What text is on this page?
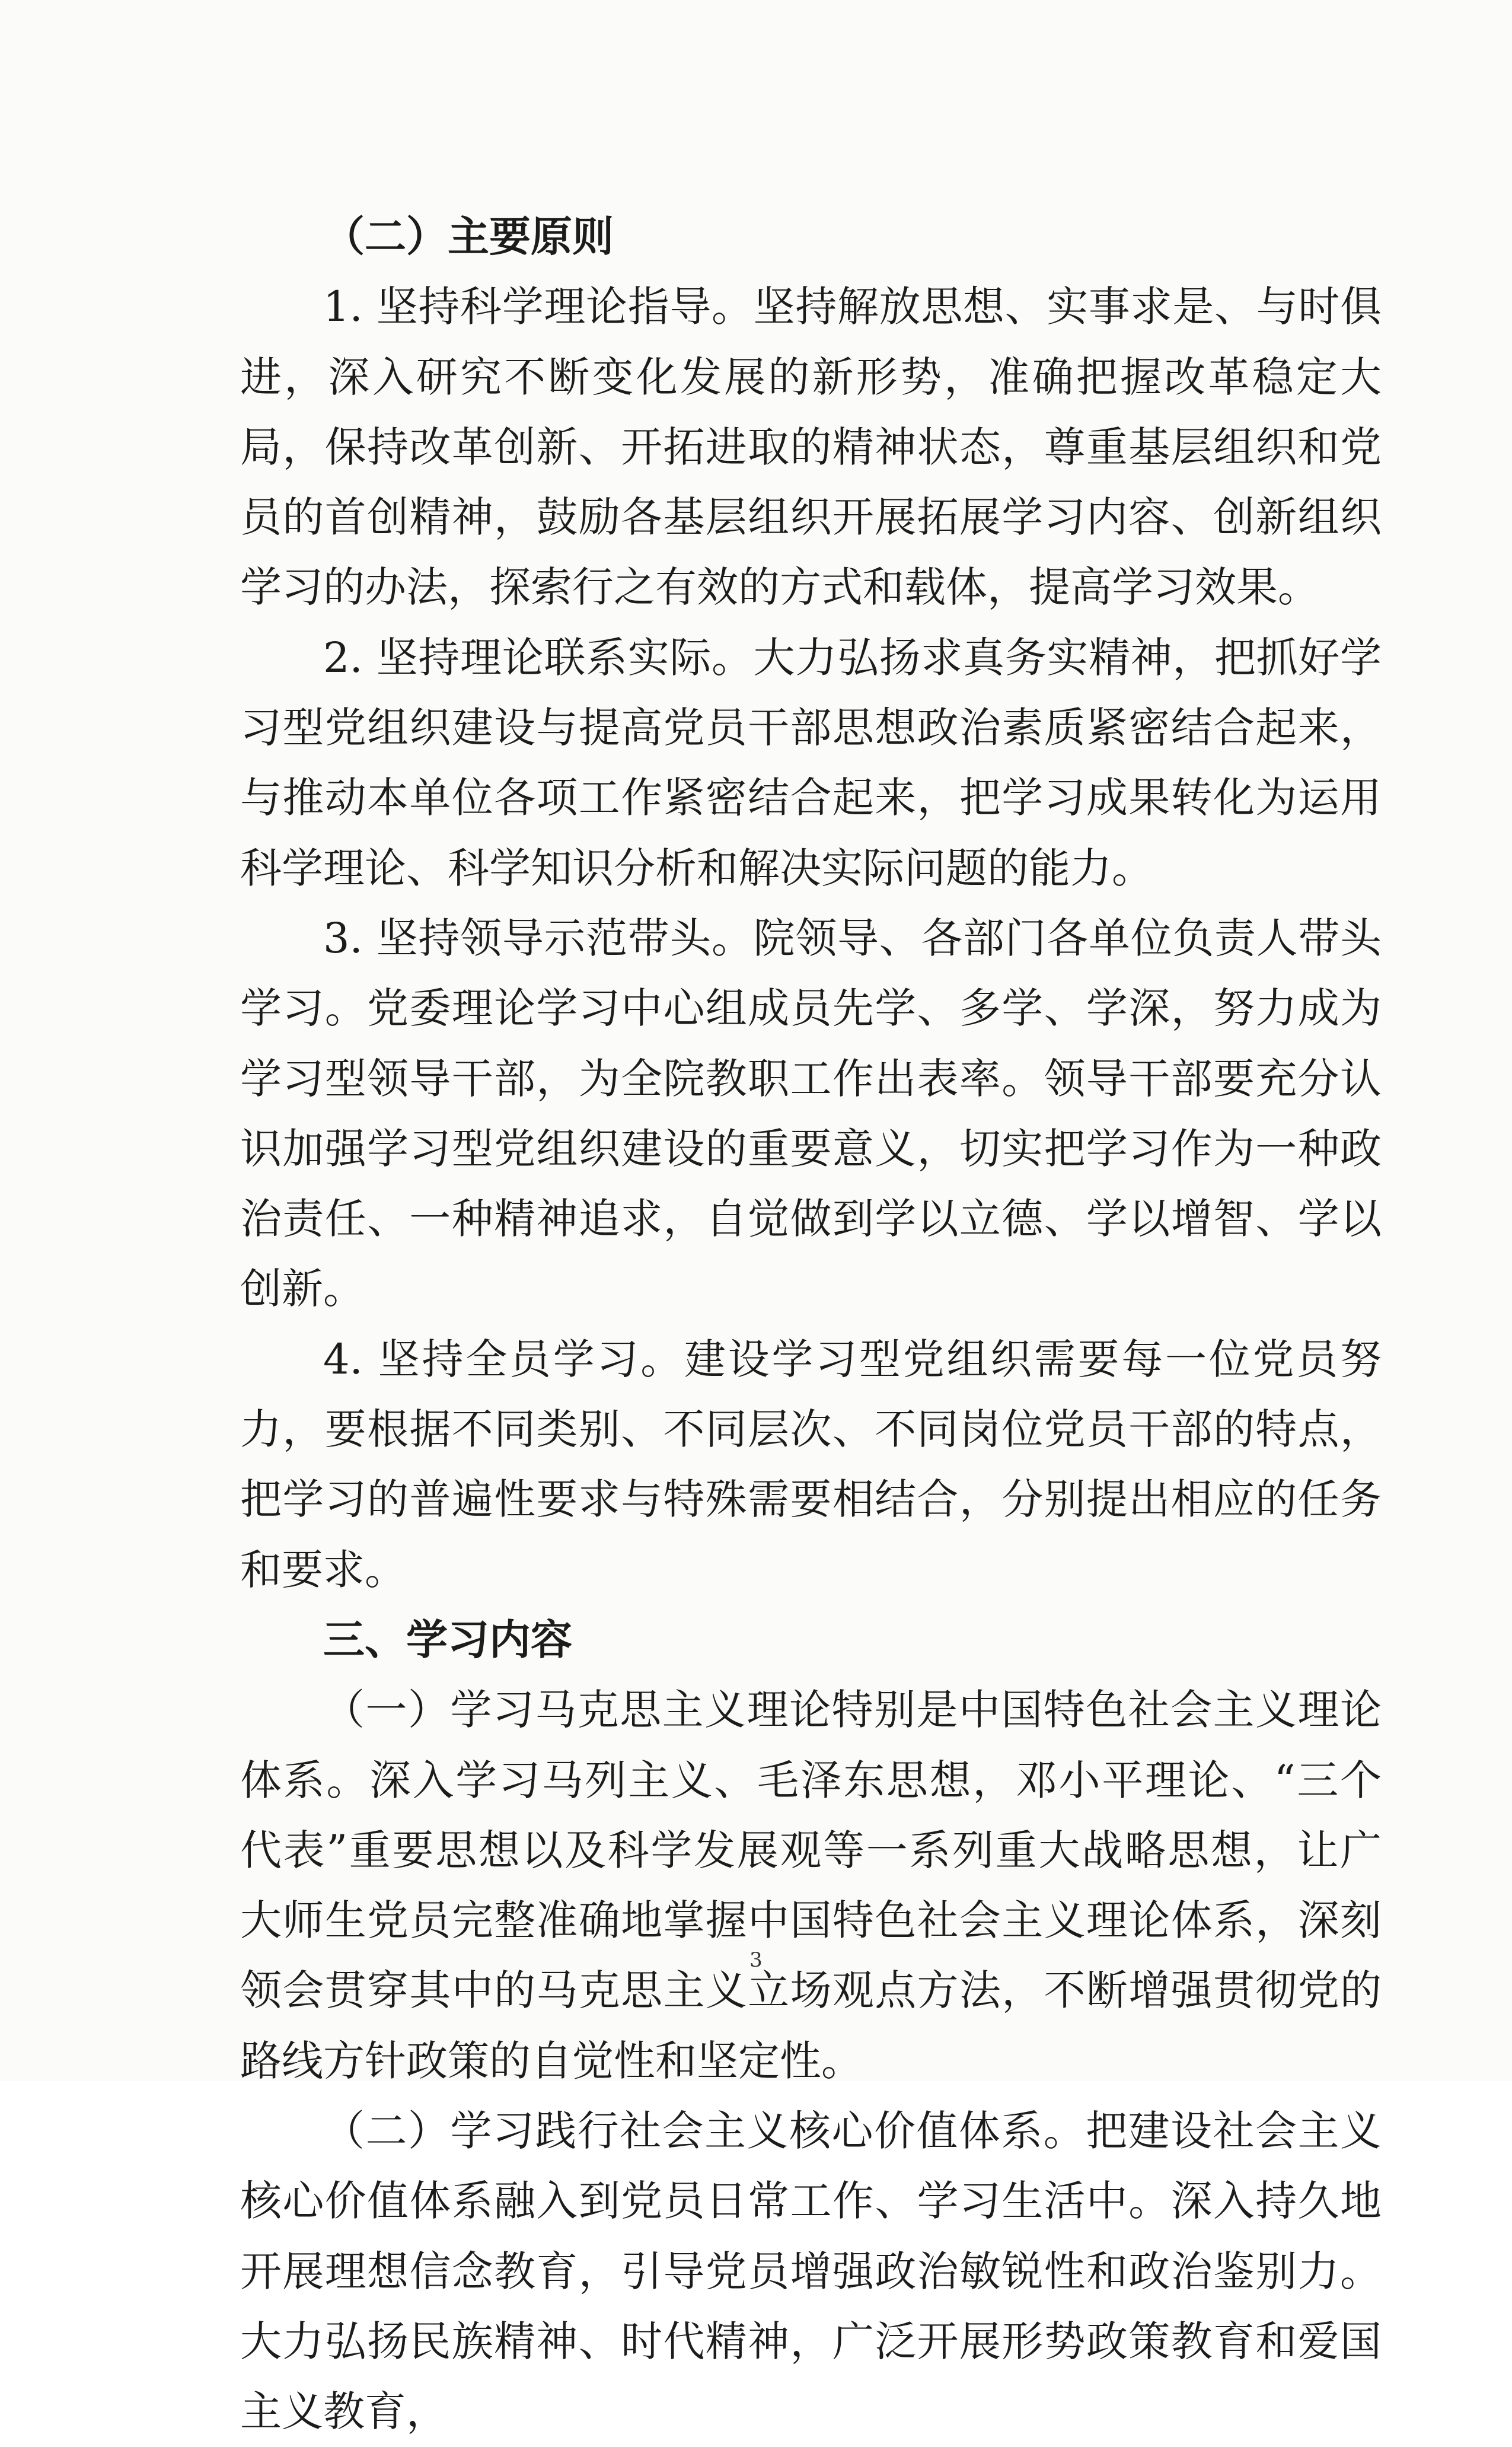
（二）主要原则

1. 坚持科学理论指导。坚持解放思想、实事求是、与时俱进，深入研究不断变化发展的新形势，准确把握改革稳定大局，保持改革创新、开拓进取的精神状态，尊重基层组织和党员的首创精神，鼓励各基层组织开展拓展学习内容、创新组织学习的办法，探索行之有效的方式和载体，提高学习效果。

2. 坚持理论联系实际。大力弘扬求真务实精神，把抓好学习型党组织建设与提高党员干部思想政治素质紧密结合起来，与推动本单位各项工作紧密结合起来，把学习成果转化为运用科学理论、科学知识分析和解决实际问题的能力。

3. 坚持领导示范带头。院领导、各部门各单位负责人带头学习。党委理论学习中心组成员先学、多学、学深，努力成为学习型领导干部，为全院教职工作出表率。领导干部要充分认识加强学习型党组织建设的重要意义，切实把学习作为一种政治责任、一种精神追求，自觉做到学以立德、学以增智、学以创新。

4. 坚持全员学习。建设学习型党组织需要每一位党员努力，要根据不同类别、不同层次、不同岗位党员干部的特点，把学习的普遍性要求与特殊需要相结合，分别提出相应的任务和要求。

三、学习内容

（一）学习马克思主义理论特别是中国特色社会主义理论体系。深入学习马列主义、毛泽东思想，邓小平理论、“三个代表”重要思想以及科学发展观等一系列重大战略思想，让广大师生党员完整准确地掌握中国特色社会主义理论体系，深刻领会贯穿其中的马克思主义立场观点方法，不断增强贯彻党的路线方针政策的自觉性和坚定性。

（二）学习践行社会主义核心价值体系。把建设社会主义核心价值体系融入到党员日常工作、学习生活中。深入持久地开展理想信念教育，引导党员增强政治敏锐性和政治鉴别力。大力弘扬民族精神、时代精神，广泛开展形势政策教育和爱国主义教育，

3
